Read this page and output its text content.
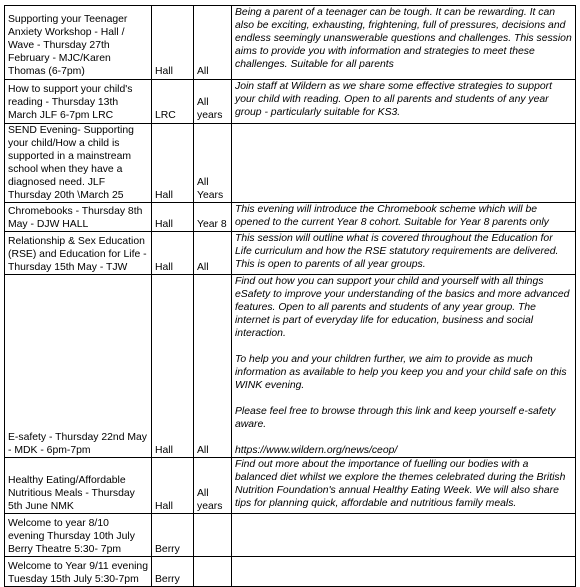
Supporting your Teenager Anxiety Workshop - Hall / Wave - Thursday 27th February - MJC/Karen Thomas (6-7pm)	Hall	All	Being a parent of a teenager can be tough. It can be rewarding. It can also be exciting, exhausting, frightening, full of pressures, decisions and endless seemingly unanswerable questions and challenges. This session aims to provide you with information and strategies to meet these challenges. Suitable for all parents

How to support your child's reading - Thursday 13th March JLF 6-7pm LRC	LRC	All years	Join staff at Wildern as we share some effective strategies to support your child with reading. Open to all parents and students of any year group - particularly suitable for KS3.

SEND Evening- Supporting your child/How a child is supported in a mainstream school when they have a diagnosed need. JLF Thursday 20th \March 25	Hall	All Years	
Chromebooks - Thursday 8th May - DJW HALL	Hall	Year 8	This evening will introduce the Chromebook scheme which will be opened to the current Year 8 cohort. Suitable for Year 8 parents only

Relationship & Sex Education (RSE) and Education for Life - Thursday 15th May - TJW	Hall	All	This session will outline what is covered throughout the Education for Life curriculum and how the RSE statutory requirements are delivered. This is open to parents of all year groups.

E-safety - Thursday 22nd May - MDK - 6pm-7pm	Hall	All	Find out how you can support your child and yourself with all things eSafety to improve your understanding of the basics and more advanced features. Open to all parents and students of any year group. The internet is part of everyday life for education, business and social interaction.

To help you and your children further, we aim to provide as much information as available to help you keep you and your child safe on this WINK evening.

Please feel free to browse through this link and keep yourself e-safety aware.

https://www.wildern.org/news/ceop/

Healthy Eating/Affordable Nutritious Meals - Thursday 5th June NMK	Hall	All years	Find out more about the importance of fuelling our bodies with a balanced diet whilst we explore the themes celebrated during the British Nutrition Foundation's annual Healthy Eating Week. We will also share tips for planning quick, affordable and nutritious family meals.

Welcome to year 8/10 evening Thursday 10th July Berry Theatre 5:30- 7pm	Berry		
Welcome to Year 9/11 evening Tuesday 15th July 5:30-7pm	Berry		
